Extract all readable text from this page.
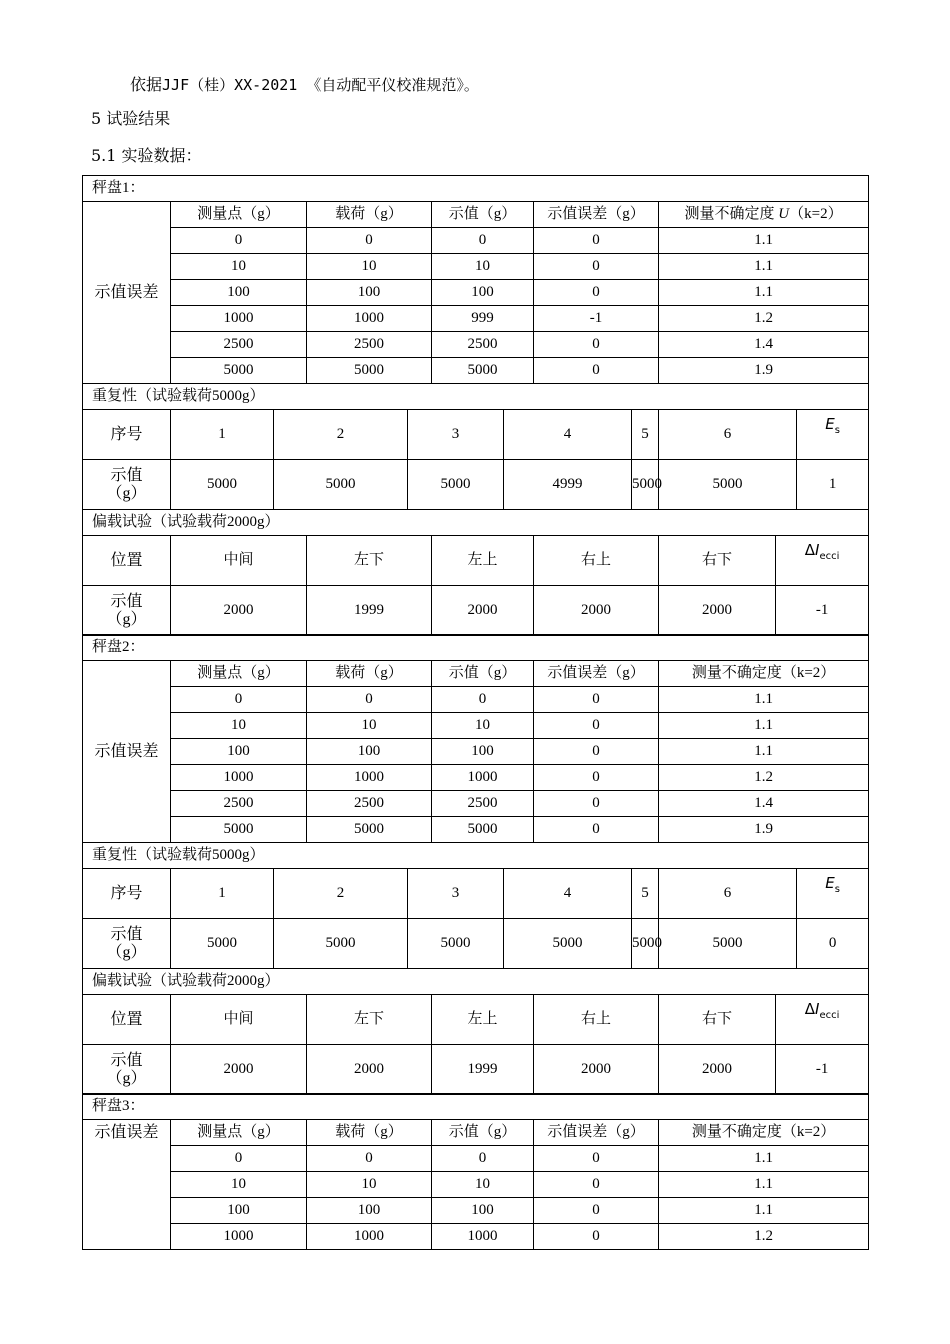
依据JJF（桂）XX-2021 《自动配平仪校准规范》。
5 试验结果
5.1 实验数据：
秤盘1：											
示值误差	测量点（g）		载荷（g）		示值（g）		示值误差（g）		测量不确定度 U（k=2）		
	0		0		0		0		1.1		
	10		10		10		0		1.1		
	100		100		100		0		1.1		
	1000		1000		999		-1		1.2		
	2500		2500		2500		0		1.4		
	5000		5000		5000		0		1.9		
重复性（试验载荷5000g）											
序号	1	2		3		4		5	6		$E_s$
示值
（g）	5000	5000		5000		4999		5000	5000		1
偏载试验（试验载荷2000g）											
位置	中间		左下		左上		右上		右下	$\Delta I_{ecci}$
示值
（g）	2000		1999		2000		2000		2000	-1	
秤盘2：											
示值误差	测量点（g）		载荷（g）		示值（g）		示值误差（g）		测量不确定度（k=2）		
	0		0		0		0		1.1		
	10		10		10		0		1.1		
	100		100		100		0		1.1		
	1000		1000		1000		0		1.2		
	2500		2500		2500		0		1.4		
	5000		5000		5000		0		1.9		
重复性（试验载荷5000g）											
序号	1	2		3		4		5	6		$E_s$
示值
（g）	5000	5000		5000		5000		5000	5000		0
偏载试验（试验载荷2000g）											
位置	中间		左下		左上		右上		右下	$\Delta I_{ecci}$
示值
（g）	2000		2000		1999		2000		2000	-1	
秤盘3：					
示值误差	测量点（g）	载荷（g）	示值（g）	示值误差（g）	测量不确定度（k=2）
	0	0	0	0	1.1
	10	10	10	0	1.1
	100	100	100	0	1.1
	1000	1000	1000	0	1.2
